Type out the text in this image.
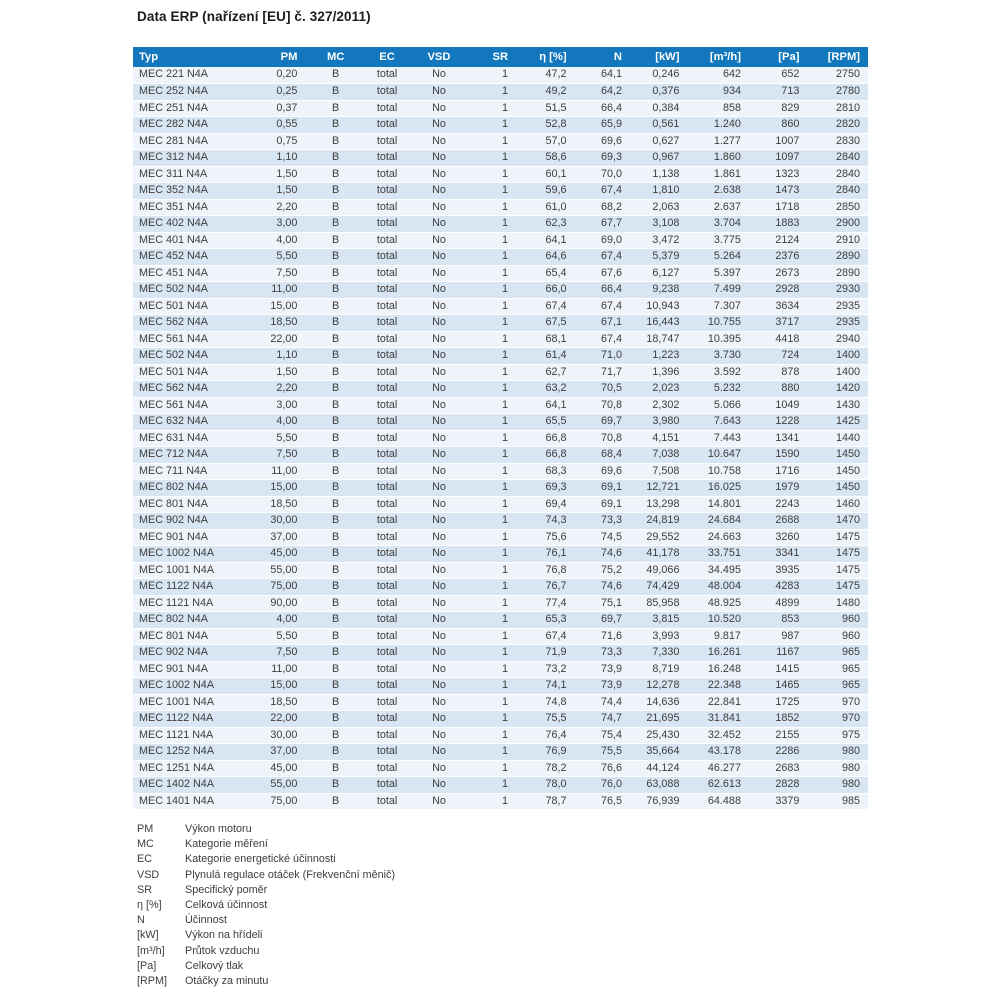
Data ERP (nařízení [EU] č. 327/2011)
Typ	PM	MC	EC	VSD	SR	η [%]	N	[kW]	[m³/h]	[Pa]	[RPM]
MEC 221 N4A	0,20	B	total	No	1	47,2	64,1	0,246	642	652	2750
MEC 252 N4A	0,25	B	total	No	1	49,2	64,2	0,376	934	713	2780
MEC 251 N4A	0,37	B	total	No	1	51,5	66,4	0,384	858	829	2810
MEC 282 N4A	0,55	B	total	No	1	52,8	65,9	0,561	1.240	860	2820
MEC 281 N4A	0,75	B	total	No	1	57,0	69,6	0,627	1.277	1007	2830
MEC 312 N4A	1,10	B	total	No	1	58,6	69,3	0,967	1.860	1097	2840
MEC 311 N4A	1,50	B	total	No	1	60,1	70,0	1,138	1.861	1323	2840
MEC 352 N4A	1,50	B	total	No	1	59,6	67,4	1,810	2.638	1473	2840
MEC 351 N4A	2,20	B	total	No	1	61,0	68,2	2,063	2.637	1718	2850
MEC 402 N4A	3,00	B	total	No	1	62,3	67,7	3,108	3.704	1883	2900
MEC 401 N4A	4,00	B	total	No	1	64,1	69,0	3,472	3.775	2124	2910
MEC 452 N4A	5,50	B	total	No	1	64,6	67,4	5,379	5.264	2376	2890
MEC 451 N4A	7,50	B	total	No	1	65,4	67,6	6,127	5.397	2673	2890
MEC 502 N4A	11,00	B	total	No	1	66,0	66,4	9,238	7.499	2928	2930
MEC 501 N4A	15,00	B	total	No	1	67,4	67,4	10,943	7.307	3634	2935
MEC 562 N4A	18,50	B	total	No	1	67,5	67,1	16,443	10.755	3717	2935
MEC 561 N4A	22,00	B	total	No	1	68,1	67,4	18,747	10.395	4418	2940
MEC 502 N4A	1,10	B	total	No	1	61,4	71,0	1,223	3.730	724	1400
MEC 501 N4A	1,50	B	total	No	1	62,7	71,7	1,396	3.592	878	1400
MEC 562 N4A	2,20	B	total	No	1	63,2	70,5	2,023	5.232	880	1420
MEC 561 N4A	3,00	B	total	No	1	64,1	70,8	2,302	5.066	1049	1430
MEC 632 N4A	4,00	B	total	No	1	65,5	69,7	3,980	7.643	1228	1425
MEC 631 N4A	5,50	B	total	No	1	66,8	70,8	4,151	7.443	1341	1440
MEC 712 N4A	7,50	B	total	No	1	66,8	68,4	7,038	10.647	1590	1450
MEC 711 N4A	11,00	B	total	No	1	68,3	69,6	7,508	10.758	1716	1450
MEC 802 N4A	15,00	B	total	No	1	69,3	69,1	12,721	16.025	1979	1450
MEC 801 N4A	18,50	B	total	No	1	69,4	69,1	13,298	14.801	2243	1460
MEC 902 N4A	30,00	B	total	No	1	74,3	73,3	24,819	24.684	2688	1470
MEC 901 N4A	37,00	B	total	No	1	75,6	74,5	29,552	24.663	3260	1475
MEC 1002 N4A	45,00	B	total	No	1	76,1	74,6	41,178	33.751	3341	1475
MEC 1001 N4A	55,00	B	total	No	1	76,8	75,2	49,066	34.495	3935	1475
MEC 1122 N4A	75,00	B	total	No	1	76,7	74,6	74,429	48.004	4283	1475
MEC 1121 N4A	90,00	B	total	No	1	77,4	75,1	85,958	48.925	4899	1480
MEC 802 N4A	4,00	B	total	No	1	65,3	69,7	3,815	10.520	853	960
MEC 801 N4A	5,50	B	total	No	1	67,4	71,6	3,993	9.817	987	960
MEC 902 N4A	7,50	B	total	No	1	71,9	73,3	7,330	16.261	1167	965
MEC 901 N4A	11,00	B	total	No	1	73,2	73,9	8,719	16.248	1415	965
MEC 1002 N4A	15,00	B	total	No	1	74,1	73,9	12,278	22.348	1465	965
MEC 1001 N4A	18,50	B	total	No	1	74,8	74,4	14,636	22.841	1725	970
MEC 1122 N4A	22,00	B	total	No	1	75,5	74,7	21,695	31.841	1852	970
MEC 1121 N4A	30,00	B	total	No	1	76,4	75,4	25,430	32.452	2155	975
MEC 1252 N4A	37,00	B	total	No	1	76,9	75,5	35,664	43.178	2286	980
MEC 1251 N4A	45,00	B	total	No	1	78,2	76,6	44,124	46.277	2683	980
MEC 1402 N4A	55,00	B	total	No	1	78,0	76,0	63,088	62.613	2828	980
MEC 1401 N4A	75,00	B	total	No	1	78,7	76,5	76,939	64.488	3379	985
PM	Výkon motoru
MC	Kategorie měření
EC	Kategorie energetické účinnosti
VSD	Plynulá regulace otáček (Frekvenční měnič)
SR	Specifický poměr
η [%]	Celková účinnost
N	Účinnost
[kW]	Výkon na hřídeli
[m³/h]	Průtok vzduchu
[Pa]	Celkový tlak
[RPM]	Otáčky za minutu
